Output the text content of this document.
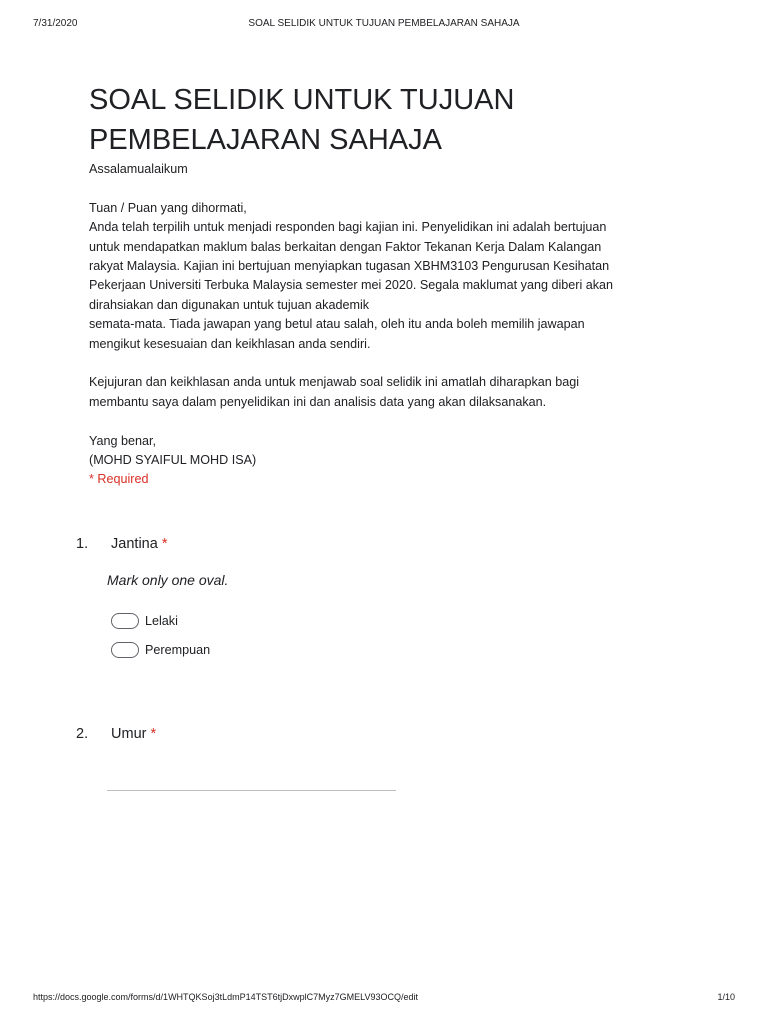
7/31/2020	SOAL SELIDIK UNTUK TUJUAN PEMBELAJARAN SAHAJA
SOAL SELIDIK UNTUK TUJUAN
PEMBELAJARAN SAHAJA
Assalamualaikum
Tuan / Puan yang dihormati,
Anda telah terpilih untuk menjadi responden bagi kajian ini. Penyelidikan ini adalah bertujuan
untuk mendapatkan maklum balas berkaitan dengan Faktor Tekanan Kerja Dalam Kalangan
rakyat Malaysia. Kajian ini bertujuan menyiapkan tugasan XBHM3103 Pengurusan Kesihatan
Pekerjaan Universiti Terbuka Malaysia semester mei 2020. Segala maklumat yang diberi akan
dirahsiakan dan digunakan untuk tujuan akademik
semata-mata. Tiada jawapan yang betul atau salah, oleh itu anda boleh memilih jawapan
mengikut kesesuaian dan keikhlasan anda sendiri.
Kejujuran dan keikhlasan anda untuk menjawab soal selidik ini amatlah diharapkan bagi
membantu saya dalam penyelidikan ini dan analisis data yang akan dilaksanakan.
Yang benar,
(MOHD SYAIFUL MOHD ISA)
* Required
1. Jantina *
Mark only one oval.
Lelaki
Perempuan
2. Umur *
https://docs.google.com/forms/d/1WHTQKSoj3tLdmP14TST6tjDxwplC7Myz7GMELV93OCQ/edit	1/10
